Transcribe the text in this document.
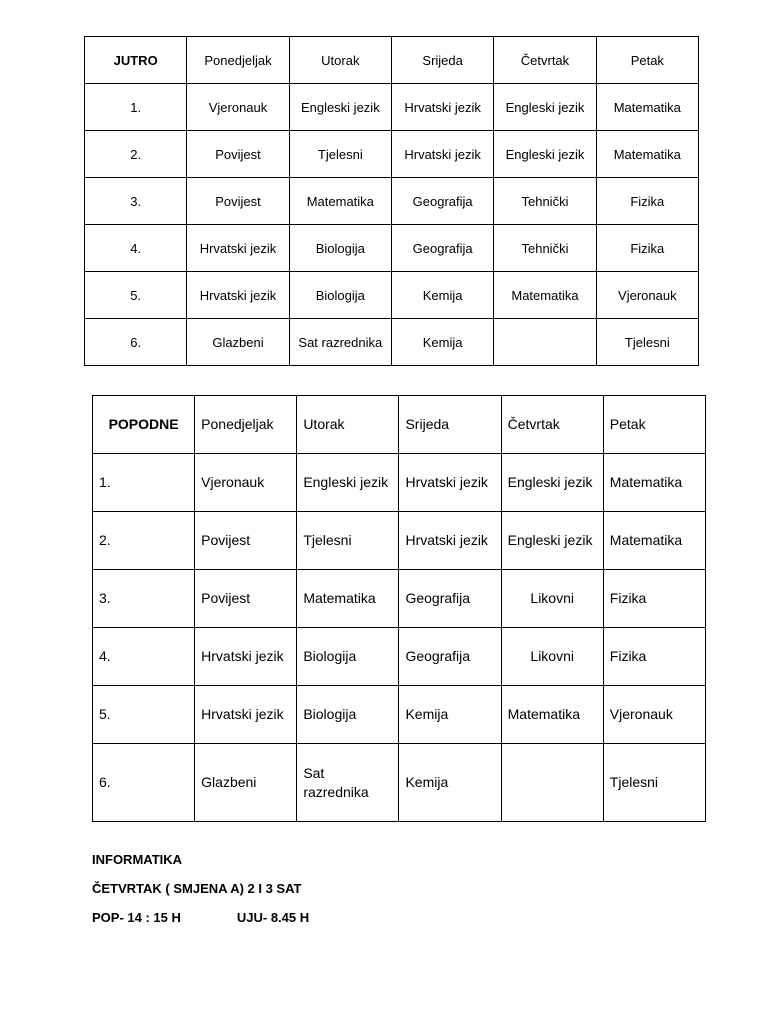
JUTRO	Ponedjeljak	Utorak	Srijeda	Četvrtak	Petak
1.	Vjeronauk	Engleski jezik	Hrvatski jezik	Engleski jezik	Matematika
2.	Povijest	Tjelesni	Hrvatski jezik	Engleski jezik	Matematika
3.	Povijest	Matematika	Geografija	Tehnički	Fizika
4.	Hrvatski jezik	Biologija	Geografija	Tehnički	Fizika
5.	Hrvatski jezik	Biologija	Kemija	Matematika	Vjeronauk
6.	Glazbeni	Sat razrednika	Kemija		Tjelesni
POPODNE	Ponedjeljak	Utorak	Srijeda	Četvrtak	Petak
1.	Vjeronauk	Engleski jezik	Hrvatski jezik	Engleski jezik	Matematika
2.	Povijest	Tjelesni	Hrvatski jezik	Engleski jezik	Matematika
3.	Povijest	Matematika	Geografija	Likovni	Fizika
4.	Hrvatski jezik	Biologija	Geografija	Likovni	Fizika
5.	Hrvatski jezik	Biologija	Kemija	Matematika	Vjeronauk
6.	Glazbeni	Sat razrednika	Kemija		Tjelesni
INFORMATIKA
ČETVRTAK ( SMJENA A) 2 I 3 SAT
POP- 14 : 15 H	UJU- 8.45 H
